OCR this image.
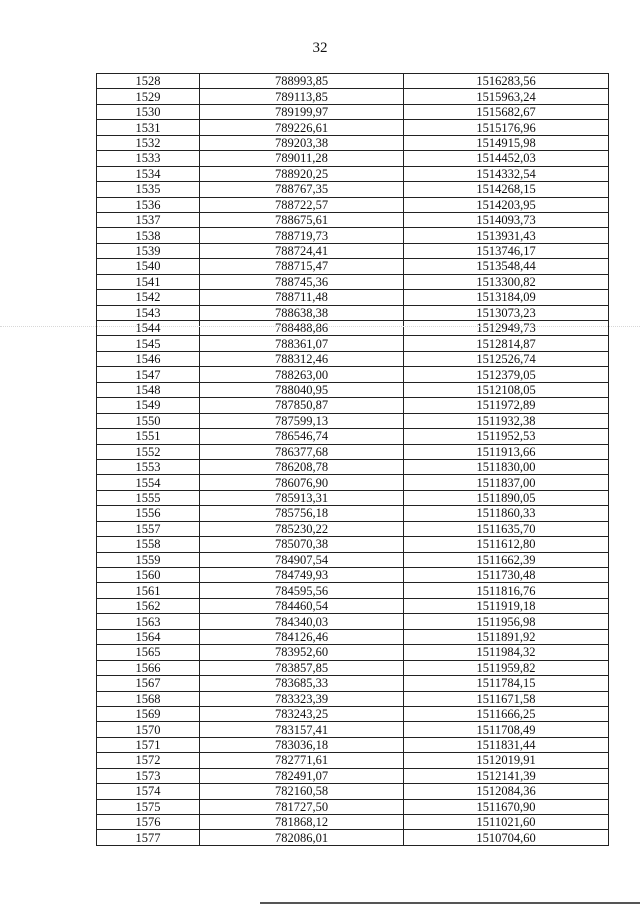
32
1528	788993,85	1516283,56
1529	789113,85	1515963,24
1530	789199,97	1515682,67
1531	789226,61	1515176,96
1532	789203,38	1514915,98
1533	789011,28	1514452,03
1534	788920,25	1514332,54
1535	788767,35	1514268,15
1536	788722,57	1514203,95
1537	788675,61	1514093,73
1538	788719,73	1513931,43
1539	788724,41	1513746,17
1540	788715,47	1513548,44
1541	788745,36	1513300,82
1542	788711,48	1513184,09
1543	788638,38	1513073,23
1544	788488,86	1512949,73
1545	788361,07	1512814,87
1546	788312,46	1512526,74
1547	788263,00	1512379,05
1548	788040,95	1512108,05
1549	787850,87	1511972,89
1550	787599,13	1511932,38
1551	786546,74	1511952,53
1552	786377,68	1511913,66
1553	786208,78	1511830,00
1554	786076,90	1511837,00
1555	785913,31	1511890,05
1556	785756,18	1511860,33
1557	785230,22	1511635,70
1558	785070,38	1511612,80
1559	784907,54	1511662,39
1560	784749,93	1511730,48
1561	784595,56	1511816,76
1562	784460,54	1511919,18
1563	784340,03	1511956,98
1564	784126,46	1511891,92
1565	783952,60	1511984,32
1566	783857,85	1511959,82
1567	783685,33	1511784,15
1568	783323,39	1511671,58
1569	783243,25	1511666,25
1570	783157,41	1511708,49
1571	783036,18	1511831,44
1572	782771,61	1512019,91
1573	782491,07	1512141,39
1574	782160,58	1512084,36
1575	781727,50	1511670,90
1576	781868,12	1511021,60
1577	782086,01	1510704,60
